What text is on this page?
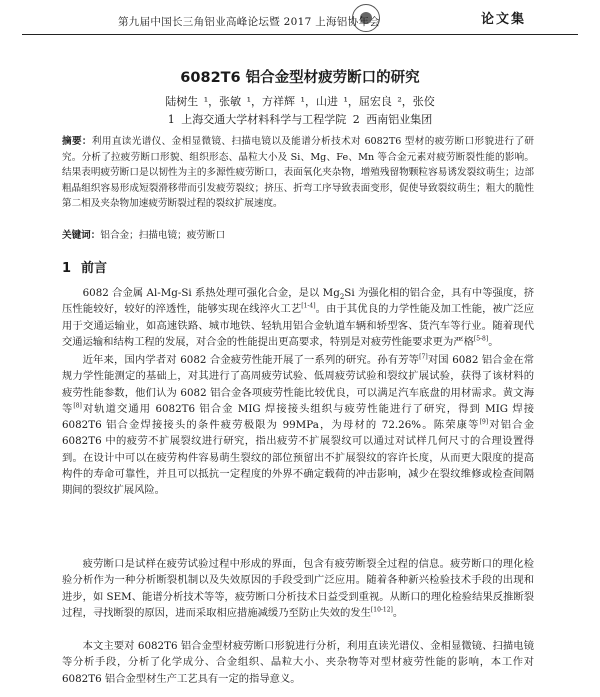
第九届中国长三角铝业高峰论坛暨 2017 上海铝协年会	论文集
6082T6 铝合金型材疲劳断口的研究
陆树生 ¹，张敏 ¹，方祥辉 ¹，山进 ¹，屈宏良 ²，张佼
1 上海交通大学材料科学与工程学院 2 西南铝业集团
摘要：利用直读光谱仪、金相显微镜、扫描电镜以及能谱分析技术对 6082T6 型材的疲劳断口形貌进行了研究。分析了拉疲劳断口形貌、组织形态、晶粒大小及 Si、Mg、Fe、Mn 等合金元素对疲劳断裂性能的影响。结果表明疲劳断口是以韧性为主的多源性疲劳断口，表面氧化夹杂物，增殖残留物颗粒容易诱发裂纹萌生；边部粗晶组织容易形成短裂滑移带而引发疲劳裂纹；挤压、折弯工序导致表面变形，促使导致裂纹萌生；粗大的脆性第二相及夹杂物加速疲劳断裂过程的裂纹扩展速度。
关键词：铝合金；扫描电镜；疲劳断口
1 前言
6082 合金属 Al-Mg-Si 系热处理可强化合金，是以 $Mg_2Si$ 为强化相的铝合金，具有中等强度，挤压性能较好，较好的淬透性，能够实现在线淬火工艺[1-4]。由于其优良的力学性能及加工性能，被广泛应用于交通运输业，如高速铁路、城市地铁、轻轨用铝合金轨道车辆和轿型客、货汽车等行业。随着现代交通运输和结构工程的发展，对合金的性能提出更高要求，特别是对疲劳性能要求更为严格[5-8]。
近年来，国内学者对 6082 合金疲劳性能开展了一系列的研究。孙有芳等[7]对国 6082 铝合金在常规力学性能测定的基础上，对其进行了高周疲劳试验、低周疲劳试验和裂纹扩展试验，获得了该材料的疲劳性能参数，他们认为 6082 铝合金各项疲劳性能比较优良，可以满足汽车底盘的用材需求。黄文海等[8]对轨道交通用 6082T6 铝合金 MIG 焊接接头组织与疲劳性能进行了研究，得到 MIG 焊接 6082T6 铝合金焊接接头的条件疲劳极限为 99MPa，为母材的 72.26%。陈荣康等[9]对铝合金 6082T6 中的疲劳不扩展裂纹进行研究，指出疲劳不扩展裂纹可以通过对试样几何尺寸的合理设置得到。在设计中可以在疲劳构件容易萌生裂纹的部位预留出不扩展裂纹的容许长度，从而更大限度的提高构件的寿命可靠性，并且可以抵抗一定程度的外界不确定载荷的冲击影响，减少在裂纹维修或检查间隔期间的裂纹扩展风险。
疲劳断口是试样在疲劳试验过程中形成的界面，包含有疲劳断裂全过程的信息。疲劳断口的理化检验分析作为一种分析断裂机制以及失效原因的手段受到广泛应用。随着各种新兴检验技术手段的出现和进步，如 SEM、能谱分析技术等等，疲劳断口分析技术日益受到重视。从断口的理化检验结果反推断裂过程，寻找断裂的原因，进而采取相应措施减缓乃至防止失效的发生[10-12]。
本文主要对 6082T6 铝合金型材疲劳断口形貌进行分析，利用直读光谱仪、金相显微镜、扫描电镜等分析手段，分析了化学成分、合金组织、晶粒大小、夹杂物等对型材疲劳性能的影响，本工作对 6082T6 铝合金型材生产工艺具有一定的指导意义。
